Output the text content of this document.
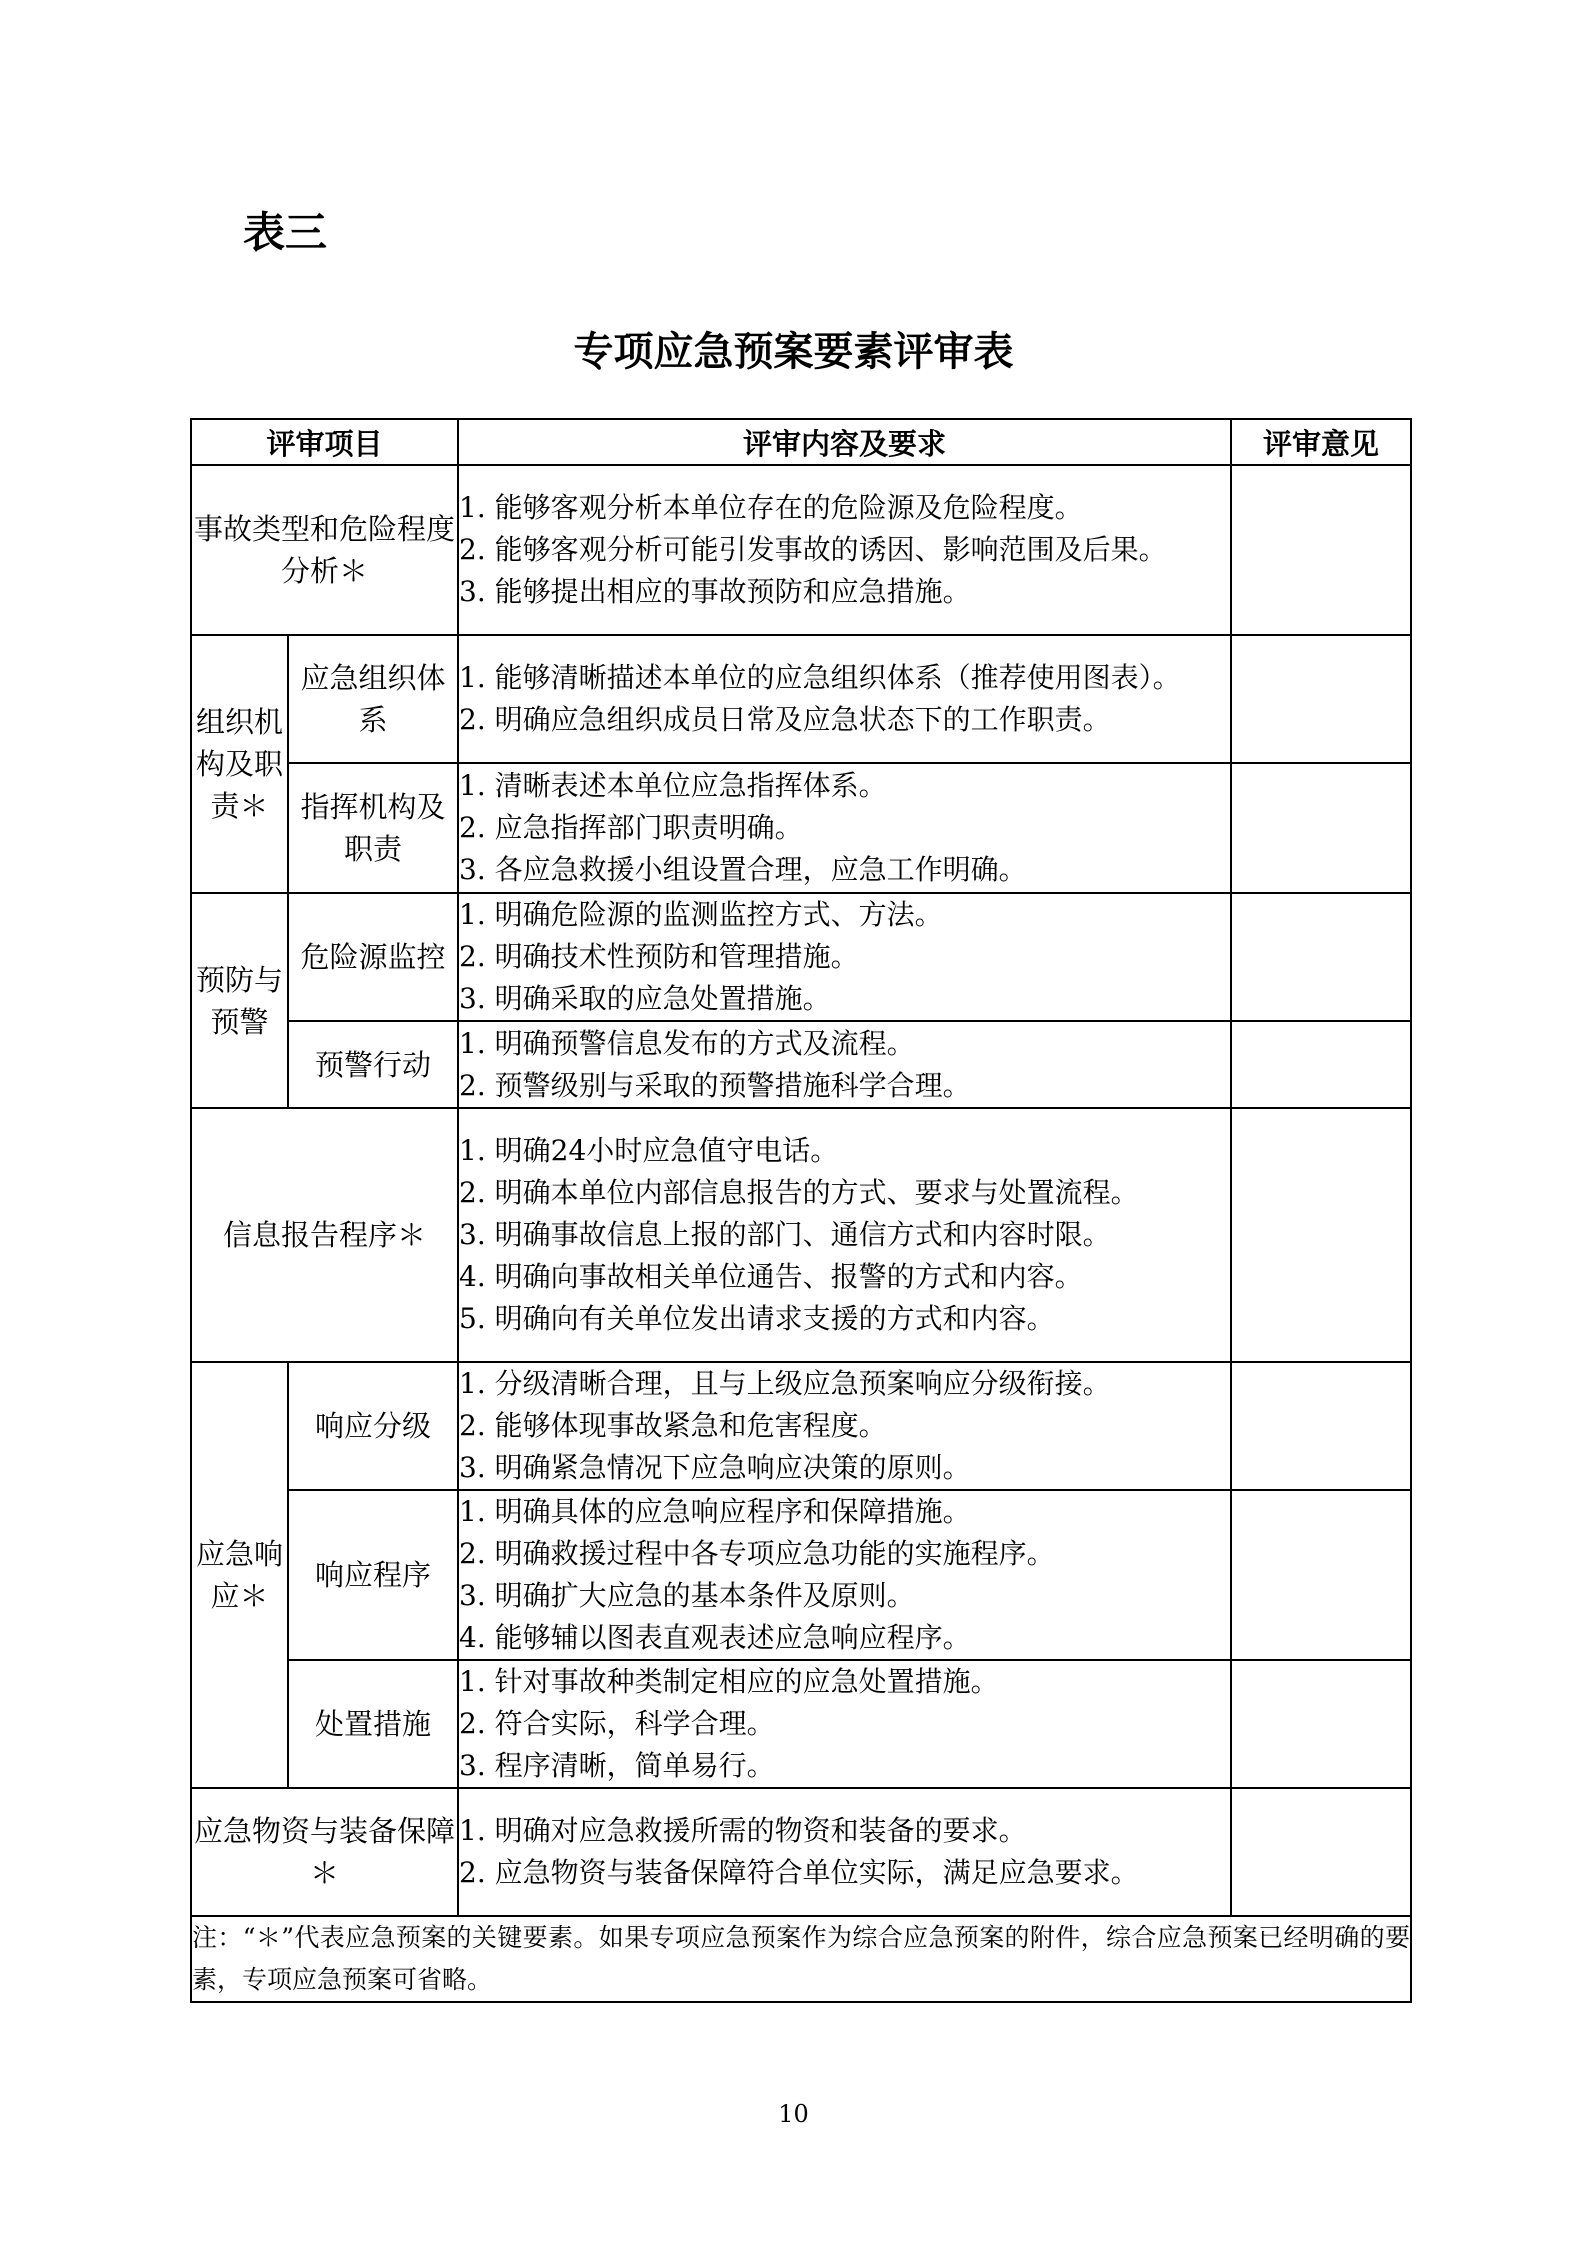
表三
专项应急预案要素评审表
评审项目		评审内容及要求	评审意见
事故类型和危险程度分析＊		1. 能够客观分析本单位存在的危险源及危险程度。
2. 能够客观分析可能引发事故的诱因、影响范围及后果。
3. 能够提出相应的事故预防和应急措施。	

组织机构及职责＊	应急组织体系	1. 能够清晰描述本单位的应急组织体系（推荐使用图表）。
2. 明确应急组织成员日常及应急状态下的工作职责。	

	指挥机构及职责	1. 清晰表述本单位应急指挥体系。
2. 应急指挥部门职责明确。
3. 各应急救援小组设置合理，应急工作明确。	

预防与预警	危险源监控	1. 明确危险源的监测监控方式、方法。
2. 明确技术性预防和管理措施。
3. 明确采取的应急处置措施。	

	预警行动	1. 明确预警信息发布的方式及流程。
2. 预警级别与采取的预警措施科学合理。	

信息报告程序＊		1. 明确24小时应急值守电话。
2. 明确本单位内部信息报告的方式、要求与处置流程。
3. 明确事故信息上报的部门、通信方式和内容时限。
4. 明确向事故相关单位通告、报警的方式和内容。
5. 明确向有关单位发出请求支援的方式和内容。	

应急响应＊	响应分级	1. 分级清晰合理，且与上级应急预案响应分级衔接。
2. 能够体现事故紧急和危害程度。
3. 明确紧急情况下应急响应决策的原则。	

	响应程序	1. 明确具体的应急响应程序和保障措施。
2. 明确救援过程中各专项应急功能的实施程序。
3. 明确扩大应急的基本条件及原则。
4. 能够辅以图表直观表述应急响应程序。	

	处置措施	1. 针对事故种类制定相应的应急处置措施。
2. 符合实际，科学合理。
3. 程序清晰，简单易行。	

应急物资与装备保障＊		1. 明确对应急救援所需的物资和装备的要求。
2. 应急物资与装备保障符合单位实际，满足应急要求。	

注：“＊”代表应急预案的关键要素。如果专项应急预案作为综合应急预案的附件，综合应急预案已经明确的要素，专项应急预案可省略。			
10
